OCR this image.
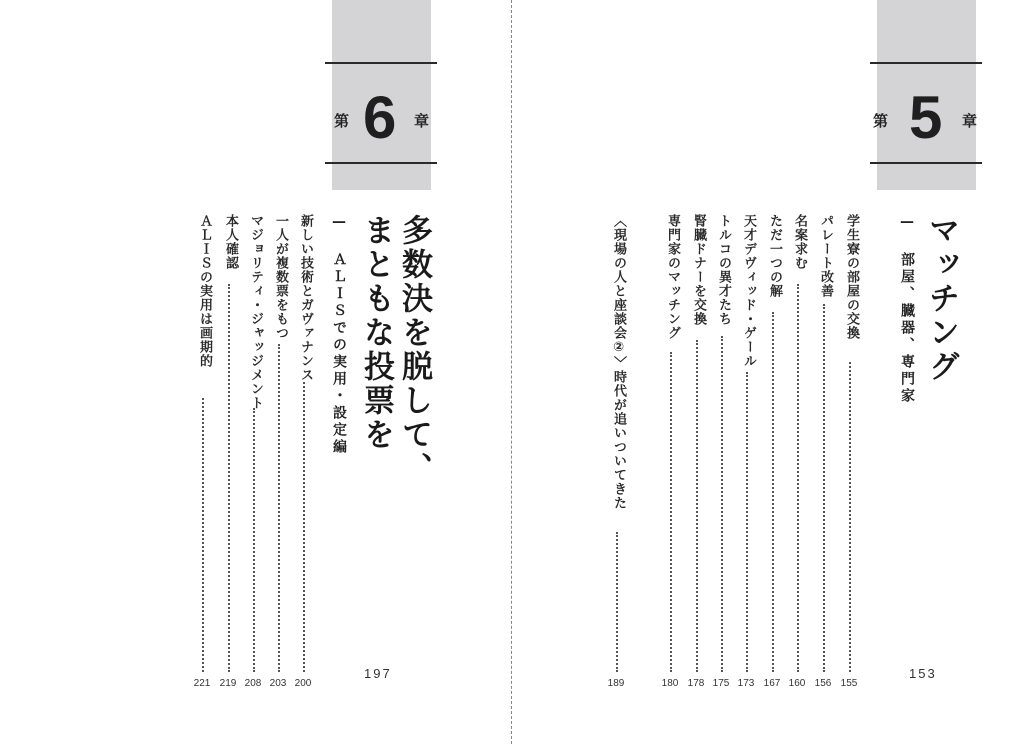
第 6 章
多数決を脱して、
まともな投票を
— ＡＬＩＳでの実用・設定編
197
新しい技術とガヴァナンス
200
一人が複数票をもつ
203
マジョリティ・ジャッジメント
208
本人確認
219
ＡＬＩＳの実用は画期的
221
第 5 章
マッチング
— 部屋、臓器、専門家
153
学生寮の部屋の交換
155
パレート改善
156
名案求む
160
ただ一つの解
167
天才デヴィッド・ゲール
173
トルコの異才たち
175
腎臓ドナーを交換
178
専門家のマッチング
180
〈現場の人と座談会②〉時代が追いついてきた
189
